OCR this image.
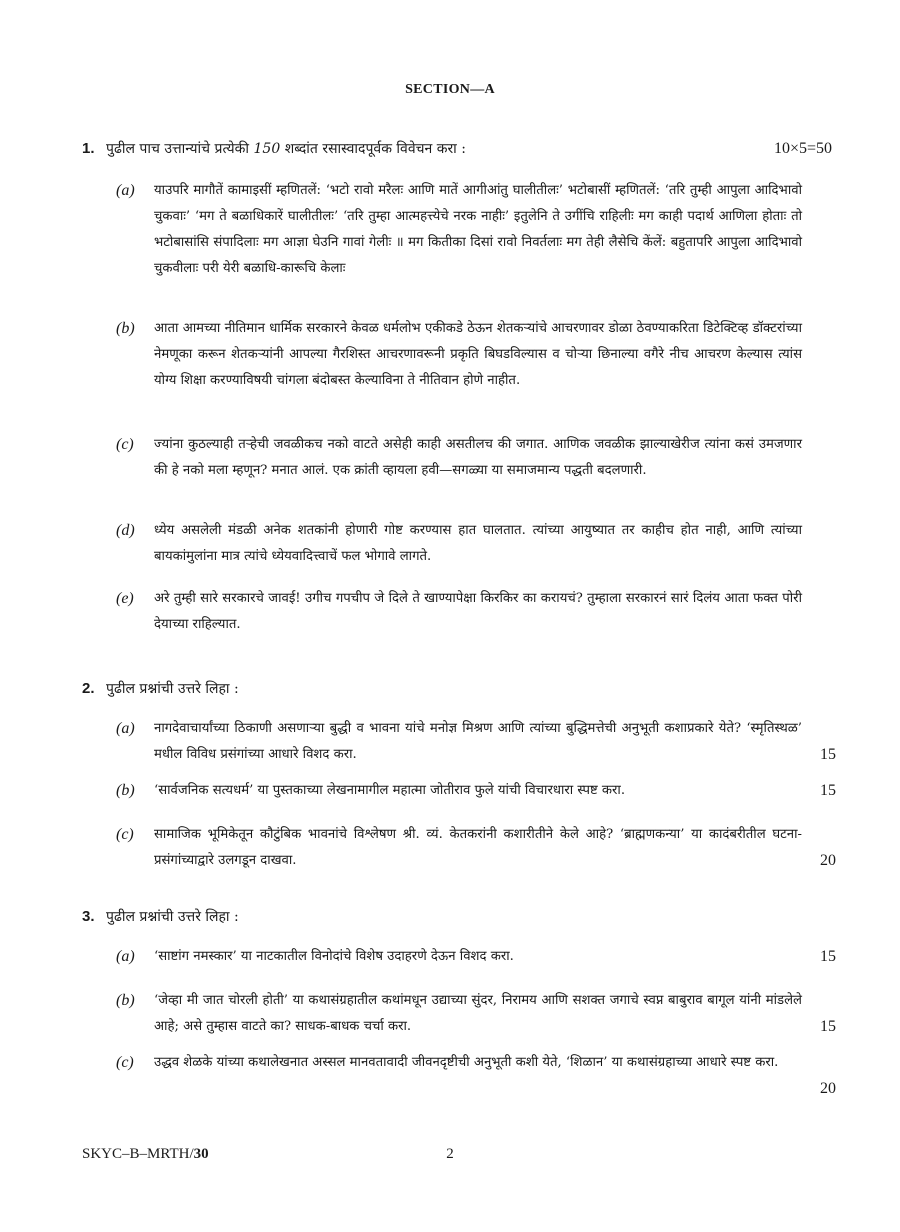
SECTION—A
1. पुढील पाच उत्तान्यांचे प्रत्येकी 150 शब्दांत रसास्वादपूर्वक विवेचन करा :	10×5=50
(a) याउपरि मागौतें कामाइसीं म्हणितलें: ‘भटो रावो मरैलः आणि मातें आगीआंतु घालीतीलः’ भटोबासीं म्हणितलें: ‘तरि तुम्ही आपुला आदिभावो चुकवाः’ ‘मग ते बळाधिकारें घालीतीलः’ ‘तरि तुम्हा आत्महत्त्येचे नरक नाहीः’ इतुलेनि ते उगींचि राहिलीः मग काही पदार्थ आणिला होताः तो भटोबासांसि संपादिलाः मग आज्ञा घेउनि गावां गेलीः ॥ मग कितीका दिसां रावो निवर्तलाः मग तेही लैसेचि केंलें: बहुतापरि आपुला आदिभावो चुकवीलाः परी येरी बळाधि-कारूचि केलाः
(b) आता आमच्या नीतिमान धार्मिक सरकारने केवळ धर्मलोभ एकीकडे ठेऊन शेतकऱ्यांचे आचरणावर डोळा ठेवण्याकरिता डिटेक्टिव्ह डॉक्टरांच्या नेमणूका करून शेतकऱ्यांनी आपल्या गैरशिस्त आचरणावरूनी प्रकृति बिघडविल्यास व चोऱ्या छिनाल्या वगैरे नीच आचरण केल्यास त्यांस योग्य शिक्षा करण्याविषयी चांगला बंदोबस्त केल्याविना ते नीतिवान होणे नाहीत.
(c) ज्यांना कुठल्याही तऱ्हेची जवळीकच नको वाटते असेही काही असतीलच की जगात. आणिक जवळीक झाल्याखेरीज त्यांना कसं उमजणार की हे नको मला म्हणून? मनात आलं. एक क्रांती व्हायला हवी—सगळ्या या समाजमान्य पद्धती बदलणारी.
(d) ध्येय असलेली मंडळी अनेक शतकांनी होणारी गोष्ट करण्यास हात घालतात. त्यांच्या आयुष्यात तर काहीच होत नाही, आणि त्यांच्या बायकांमुलांना मात्र त्यांचे ध्येयवादित्त्वाचें फल भोगावे लागते.
(e) अरे तुम्ही सारे सरकारचे जावई! उगीच गपचीप जे दिले ते खाण्यापेक्षा किरकिर का करायचं? तुम्हाला सरकारनं सारं दिलंय आता फक्त पोरी देयाच्या राहिल्यात.
2. पुढील प्रश्नांची उत्तरे लिहा :
(a) नागदेवाचार्यांच्या ठिकाणी असणाऱ्या बुद्धी व भावना यांचे मनोज्ञ मिश्रण आणि त्यांच्या बुद्धिमत्तेची अनुभूती कशाप्रकारे येते? ‘स्मृतिस्थळ’ मधील विविध प्रसंगांच्या आधारे विशद करा.	15
(b) ‘सार्वजनिक सत्यधर्म’ या पुस्तकाच्या लेखनामागील महात्मा जोतीराव फुले यांची विचारधारा स्पष्ट करा.	15
(c) सामाजिक भूमिकेतून कौटुंबिक भावनांचे विश्लेषण श्री. व्यं. केतकरांनी कशारीतीने केले आहे? ‘ब्राह्मणकन्या’ या कादंबरीतील घटना-प्रसंगांच्याद्वारे उलगडून दाखवा.	20
3. पुढील प्रश्नांची उत्तरे लिहा :
(a) ‘साष्टांग नमस्कार’ या नाटकातील विनोदांचे विशेष उदाहरणे देऊन विशद करा.	15
(b) ‘जेव्हा मी जात चोरली होती’ या कथासंग्रहातील कथांमधून उद्याच्या सुंदर, निरामय आणि सशक्त जगाचे स्वप्न बाबुराव बागूल यांनी मांडलेले आहे; असे तुम्हास वाटते का? साधक-बाधक चर्चा करा.	15
(c) उद्धव शेळके यांच्या कथालेखनात अस्सल मानवतावादी जीवनदृष्टीची अनुभूती कशी येते, ‘शिळान’ या कथासंग्रहाच्या आधारे स्पष्ट करा.
20
SKYC–B–MRTH/30	2
